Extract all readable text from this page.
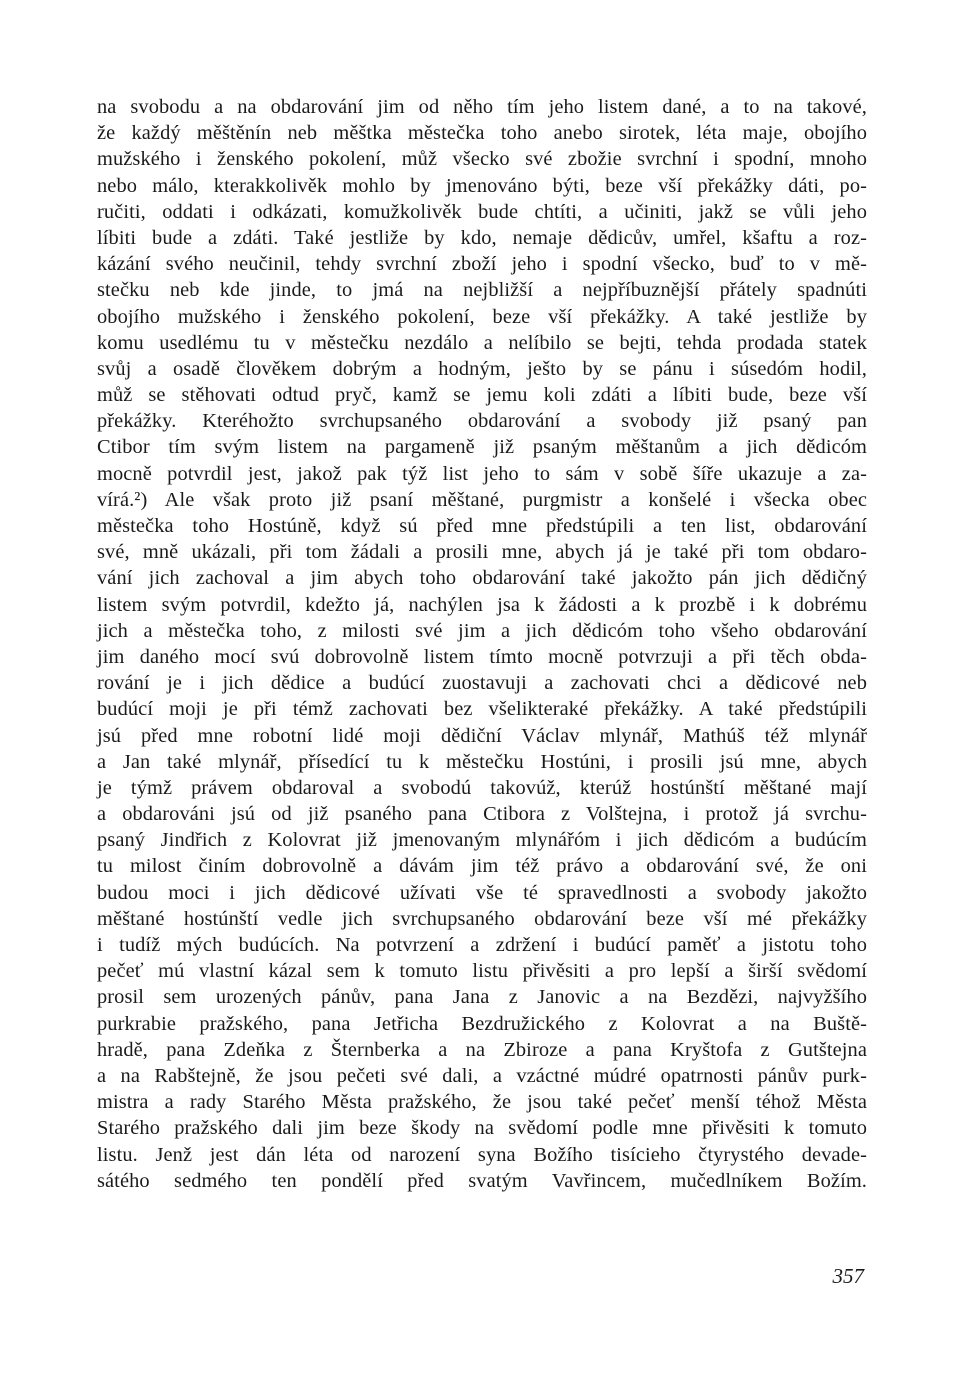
na svobodu a na obdarování jim od něho tím jeho listem dané, a to na takové,
že každý měštěnín neb měštka městečka toho anebo sirotek, léta maje, obojího
mužského i ženského pokolení, můž všecko své zbožie svrchní i spodní, mnoho
nebo málo, kterakkolivěk mohlo by jmenováno býti, beze vší překážky dáti, po-
ručiti, oddati i odkázati, komužkolivěk bude chtíti, a učiniti, jakž se vůli jeho
líbiti bude a zdáti. Také jestliže by kdo, nemaje dědicův, umřel, kšaftu a roz-
kázání svého neučinil, tehdy svrchní zboží jeho i spodní všecko, buď to v mě-
stečku neb kde jinde, to jmá na nejbližší a nejpříbuznější přátely spadnúti
obojího mužského i ženského pokolení, beze vší překážky. A také jestliže by
komu usedlému tu v městečku nezdálo a nelíbilo se bejti, tehda prodada statek
svůj a osadě člověkem dobrým a hodným, ješto by se pánu i súsedóm hodil,
můž se stěhovati odtud pryč, kamž se jemu koli zdáti a líbiti bude, beze vší
překážky. Kteréhožto svrchupsaného obdarování a svobody již psaný pan
Ctibor tím svým listem na pargameně již psaným měštanům a jich dědicóm
mocně potvrdil jest, jakož pak týž list jeho to sám v sobě šíře ukazuje a za-
vírá.²) Ale však proto již psaní měštané, purgmistr a konšelé i všecka obec
městečka toho Hostúně, když sú před mne předstúpili a ten list, obdarování
své, mně ukázali, při tom žádali a prosili mne, abych já je také při tom obdaro-
vání jich zachoval a jim abych toho obdarování také jakožto pán jich dědičný
listem svým potvrdil, kdežto já, nachýlen jsa k žádosti a k prozbě i k dobrému
jich a městečka toho, z milosti své jim a jich dědicóm toho všeho obdarování
jim daného mocí svú dobrovolně listem tímto mocně potvrzuji a při těch obda-
rování je i jich dědice a budúcí zuostavuji a zachovati chci a dědicové neb
budúcí moji je při témž zachovati bez všelikteraké překážky. A také předstúpili
jsú před mne robotní lidé moji dědiční Václav mlynář, Mathúš též mlynář
a Jan také mlynář, přísedící tu k městečku Hostúni, i prosili jsú mne, abych
je týmž právem obdaroval a svobodú takovúž, kterúž hostúnští měštané mají
a obdarováni jsú od již psaného pana Ctibora z Volštejna, i protož já svrchu-
psaný Jindřich z Kolovrat již jmenovaným mlynářóm i jich dědicóm a budúcím
tu milost činím dobrovolně a dávám jim též právo a obdarování své, že oni
budou moci i jich dědicové užívati vše té spravedlnosti a svobody jakožto
měštané hostúnští vedle jich svrchupsaného obdarování beze vší mé překážky
i tudíž mých budúcích. Na potvrzení a zdržení i budúcí paměť a jistotu toho
pečeť mú vlastní kázal sem k tomuto listu přivěsiti a pro lepší a širší svědomí
prosil sem urozených pánův, pana Jana z Janovic a na Bezdězi, najvyžšího
purkrabie pražského, pana Jetřicha Bezdružického z Kolovrat a na Buště-
hradě, pana Zdeňka z Šternberka a na Zbiroze a pana Kryštofa z Gutštejna
a na Rabštejně, že jsou pečeti své dali, a vzáctné múdré opatrnosti pánův purk-
mistra a rady Starého Města pražského, že jsou také pečeť menší téhož Města
Starého pražského dali jim beze škody na svědomí podle mne přivěsiti k tomuto
listu. Jenž jest dán léta od narození syna Božího tisícieho čtyrystého devade-
sátého sedmého ten pondělí před svatým Vavřincem, mučedlníkem Božím.
357
